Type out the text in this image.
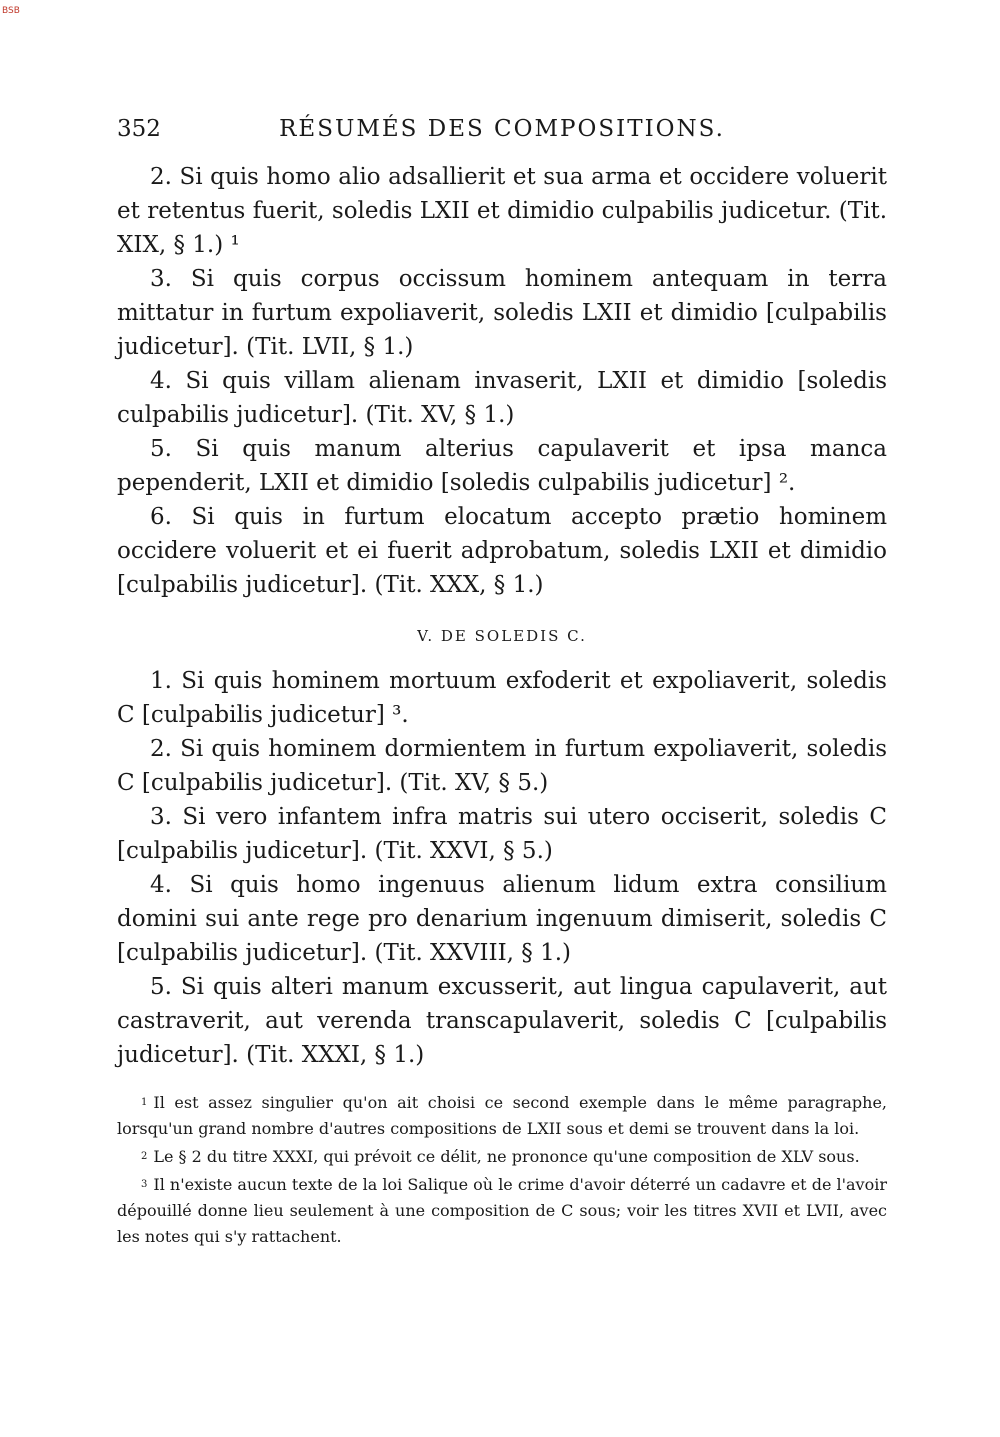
BSB
352	RÉSUMÉS DES COMPOSITIONS.

2. Si quis homo alio adsallierit et sua arma et occidere voluerit et retentus fuerit, soledis LXII et dimidio culpabilis judicetur. (Tit. XIX, § 1.) ¹

3. Si quis corpus occissum hominem antequam in terra mittatur in furtum expoliaverit, soledis LXII et dimidio [culpabilis judicetur]. (Tit. LVII, § 1.)

4. Si quis villam alienam invaserit, LXII et dimidio [soledis culpabilis judicetur]. (Tit. XV, § 1.)

5. Si quis manum alterius capulaverit et ipsa manca pependerit, LXII et dimidio [soledis culpabilis judicetur] ².

6. Si quis in furtum elocatum accepto prætio hominem occidere voluerit et ei fuerit adprobatum, soledis LXII et dimidio [culpabilis judicetur]. (Tit. XXX, § 1.)

V. DE SOLEDIS C.

1. Si quis hominem mortuum exfoderit et expoliaverit, soledis C [culpabilis judicetur] ³.

2. Si quis hominem dormientem in furtum expoliaverit, soledis C [culpabilis judicetur]. (Tit. XV, § 5.)

3. Si vero infantem infra matris sui utero occiserit, soledis C [culpabilis judicetur]. (Tit. XXVI, § 5.)

4. Si quis homo ingenuus alienum lidum extra consilium domini sui ante rege pro denarium ingenuum dimiserit, soledis C [culpabilis judicetur]. (Tit. XXVIII, § 1.)

5. Si quis alteri manum excusserit, aut lingua capulaverit, aut castraverit, aut verenda transcapulaverit, soledis C [culpabilis judicetur]. (Tit. XXXI, § 1.)

$^1$ Il est assez singulier qu'on ait choisi ce second exemple dans le même paragraphe, lorsqu'un grand nombre d'autres compositions de LXII sous et demi se trouvent dans la loi.

$^2$ Le § 2 du titre XXXI, qui prévoit ce délit, ne prononce qu'une composition de XLV sous.

$^3$ Il n'existe aucun texte de la loi Salique où le crime d'avoir déterré un cadavre et de l'avoir dépouillé donne lieu seulement à une composition de C sous; voir les titres XVII et LVII, avec les notes qui s'y rattachent.
